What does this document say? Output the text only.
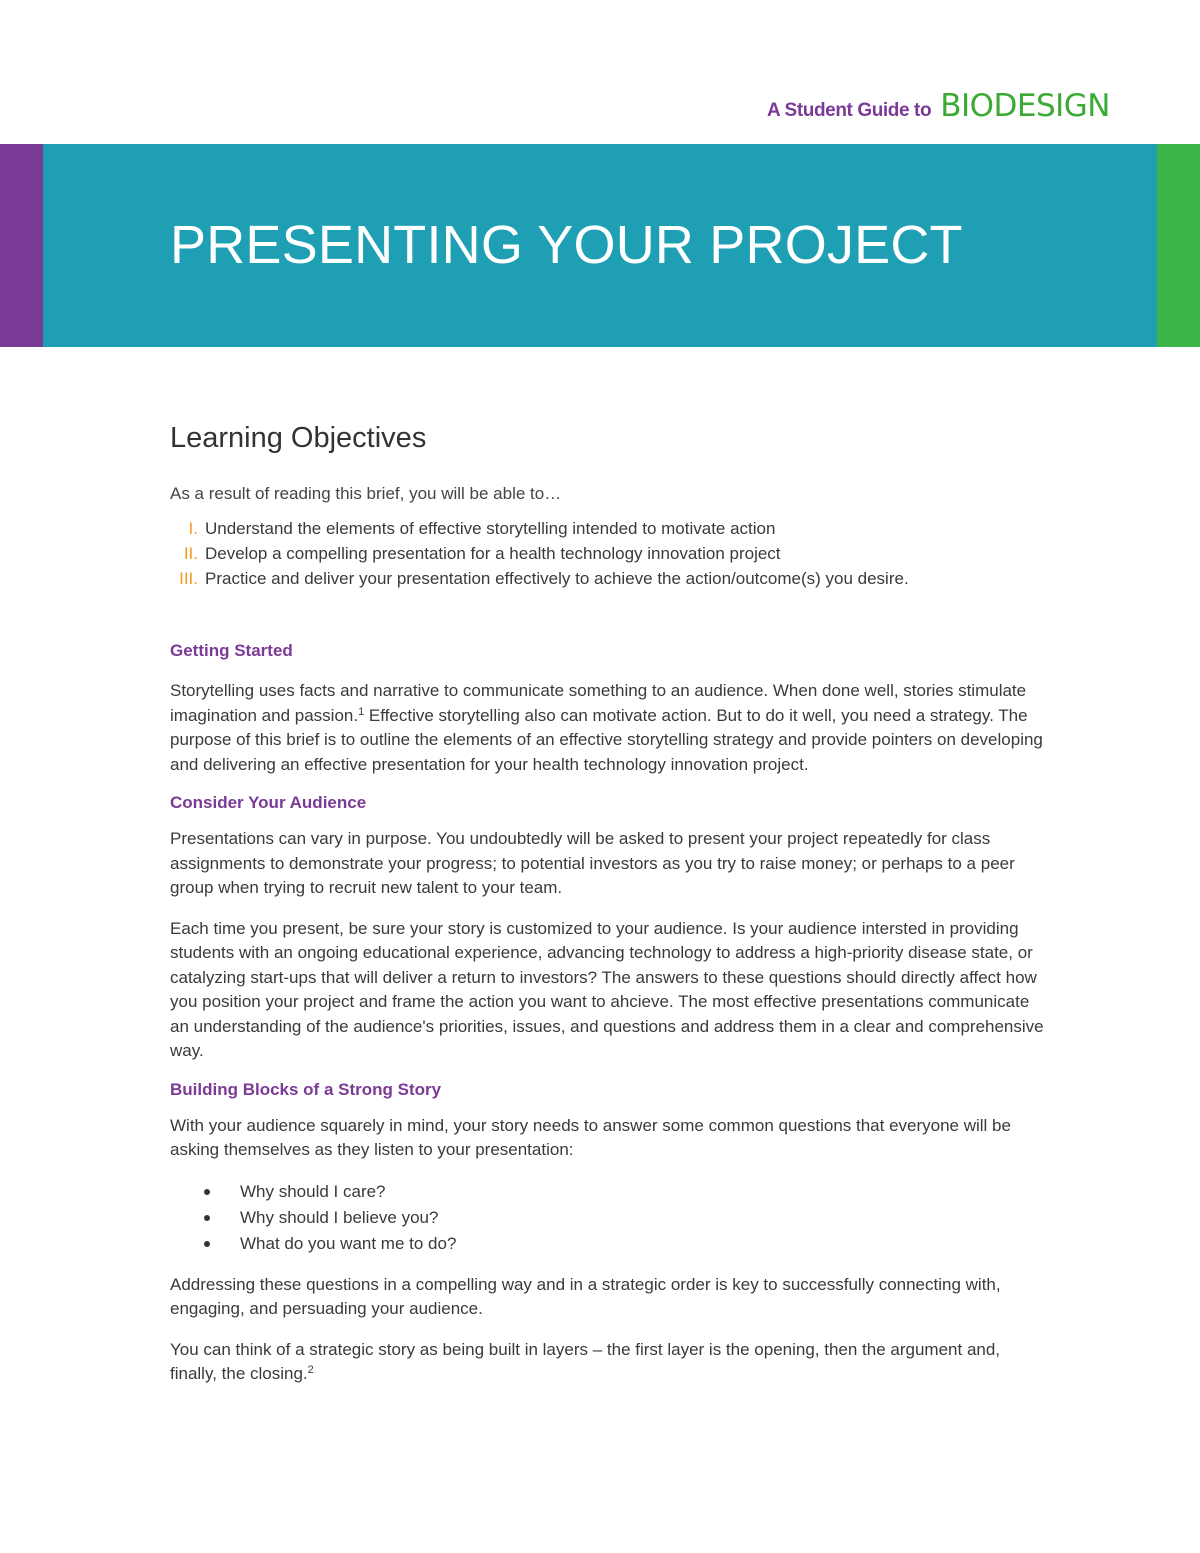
A Student Guide to BIODESIGN
PRESENTING YOUR PROJECT
Learning Objectives

As a result of reading this brief, you will be able to…

I. Understand the elements of effective storytelling intended to motivate action
II. Develop a compelling presentation for a health technology innovation project
III. Practice and deliver your presentation effectively to achieve the action/outcome(s) you desire.
Getting Started

Storytelling uses facts and narrative to communicate something to an audience. When done well, stories stimulate imagination and passion.$^1$ Effective storytelling also can motivate action. But to do it well, you need a strategy. The purpose of this brief is to outline the elements of an effective storytelling strategy and provide pointers on developing and delivering an effective presentation for your health technology innovation project.

Consider Your Audience

Presentations can vary in purpose. You undoubtedly will be asked to present your project repeatedly for class assignments to demonstrate your progress; to potential investors as you try to raise money; or perhaps to a peer group when trying to recruit new talent to your team.

Each time you present, be sure your story is customized to your audience. Is your audience intersted in providing students with an ongoing educational experience, advancing technology to address a high-priority disease state, or catalyzing start-ups that will deliver a return to investors? The answers to these questions should directly affect how you position your project and frame the action you want to ahcieve. The most effective presentations communicate an understanding of the audience's priorities, issues, and questions and address them in a clear and comprehensive way.

Building Blocks of a Strong Story

With your audience squarely in mind, your story needs to answer some common questions that everyone will be asking themselves as they listen to your presentation:

Why should I care?
Why should I believe you?
What do you want me to do?

Addressing these questions in a compelling way and in a strategic order is key to successfully connecting with, engaging, and persuading your audience.

You can think of a strategic story as being built in layers – the first layer is the opening, then the argument and, finally, the closing.$^2$
